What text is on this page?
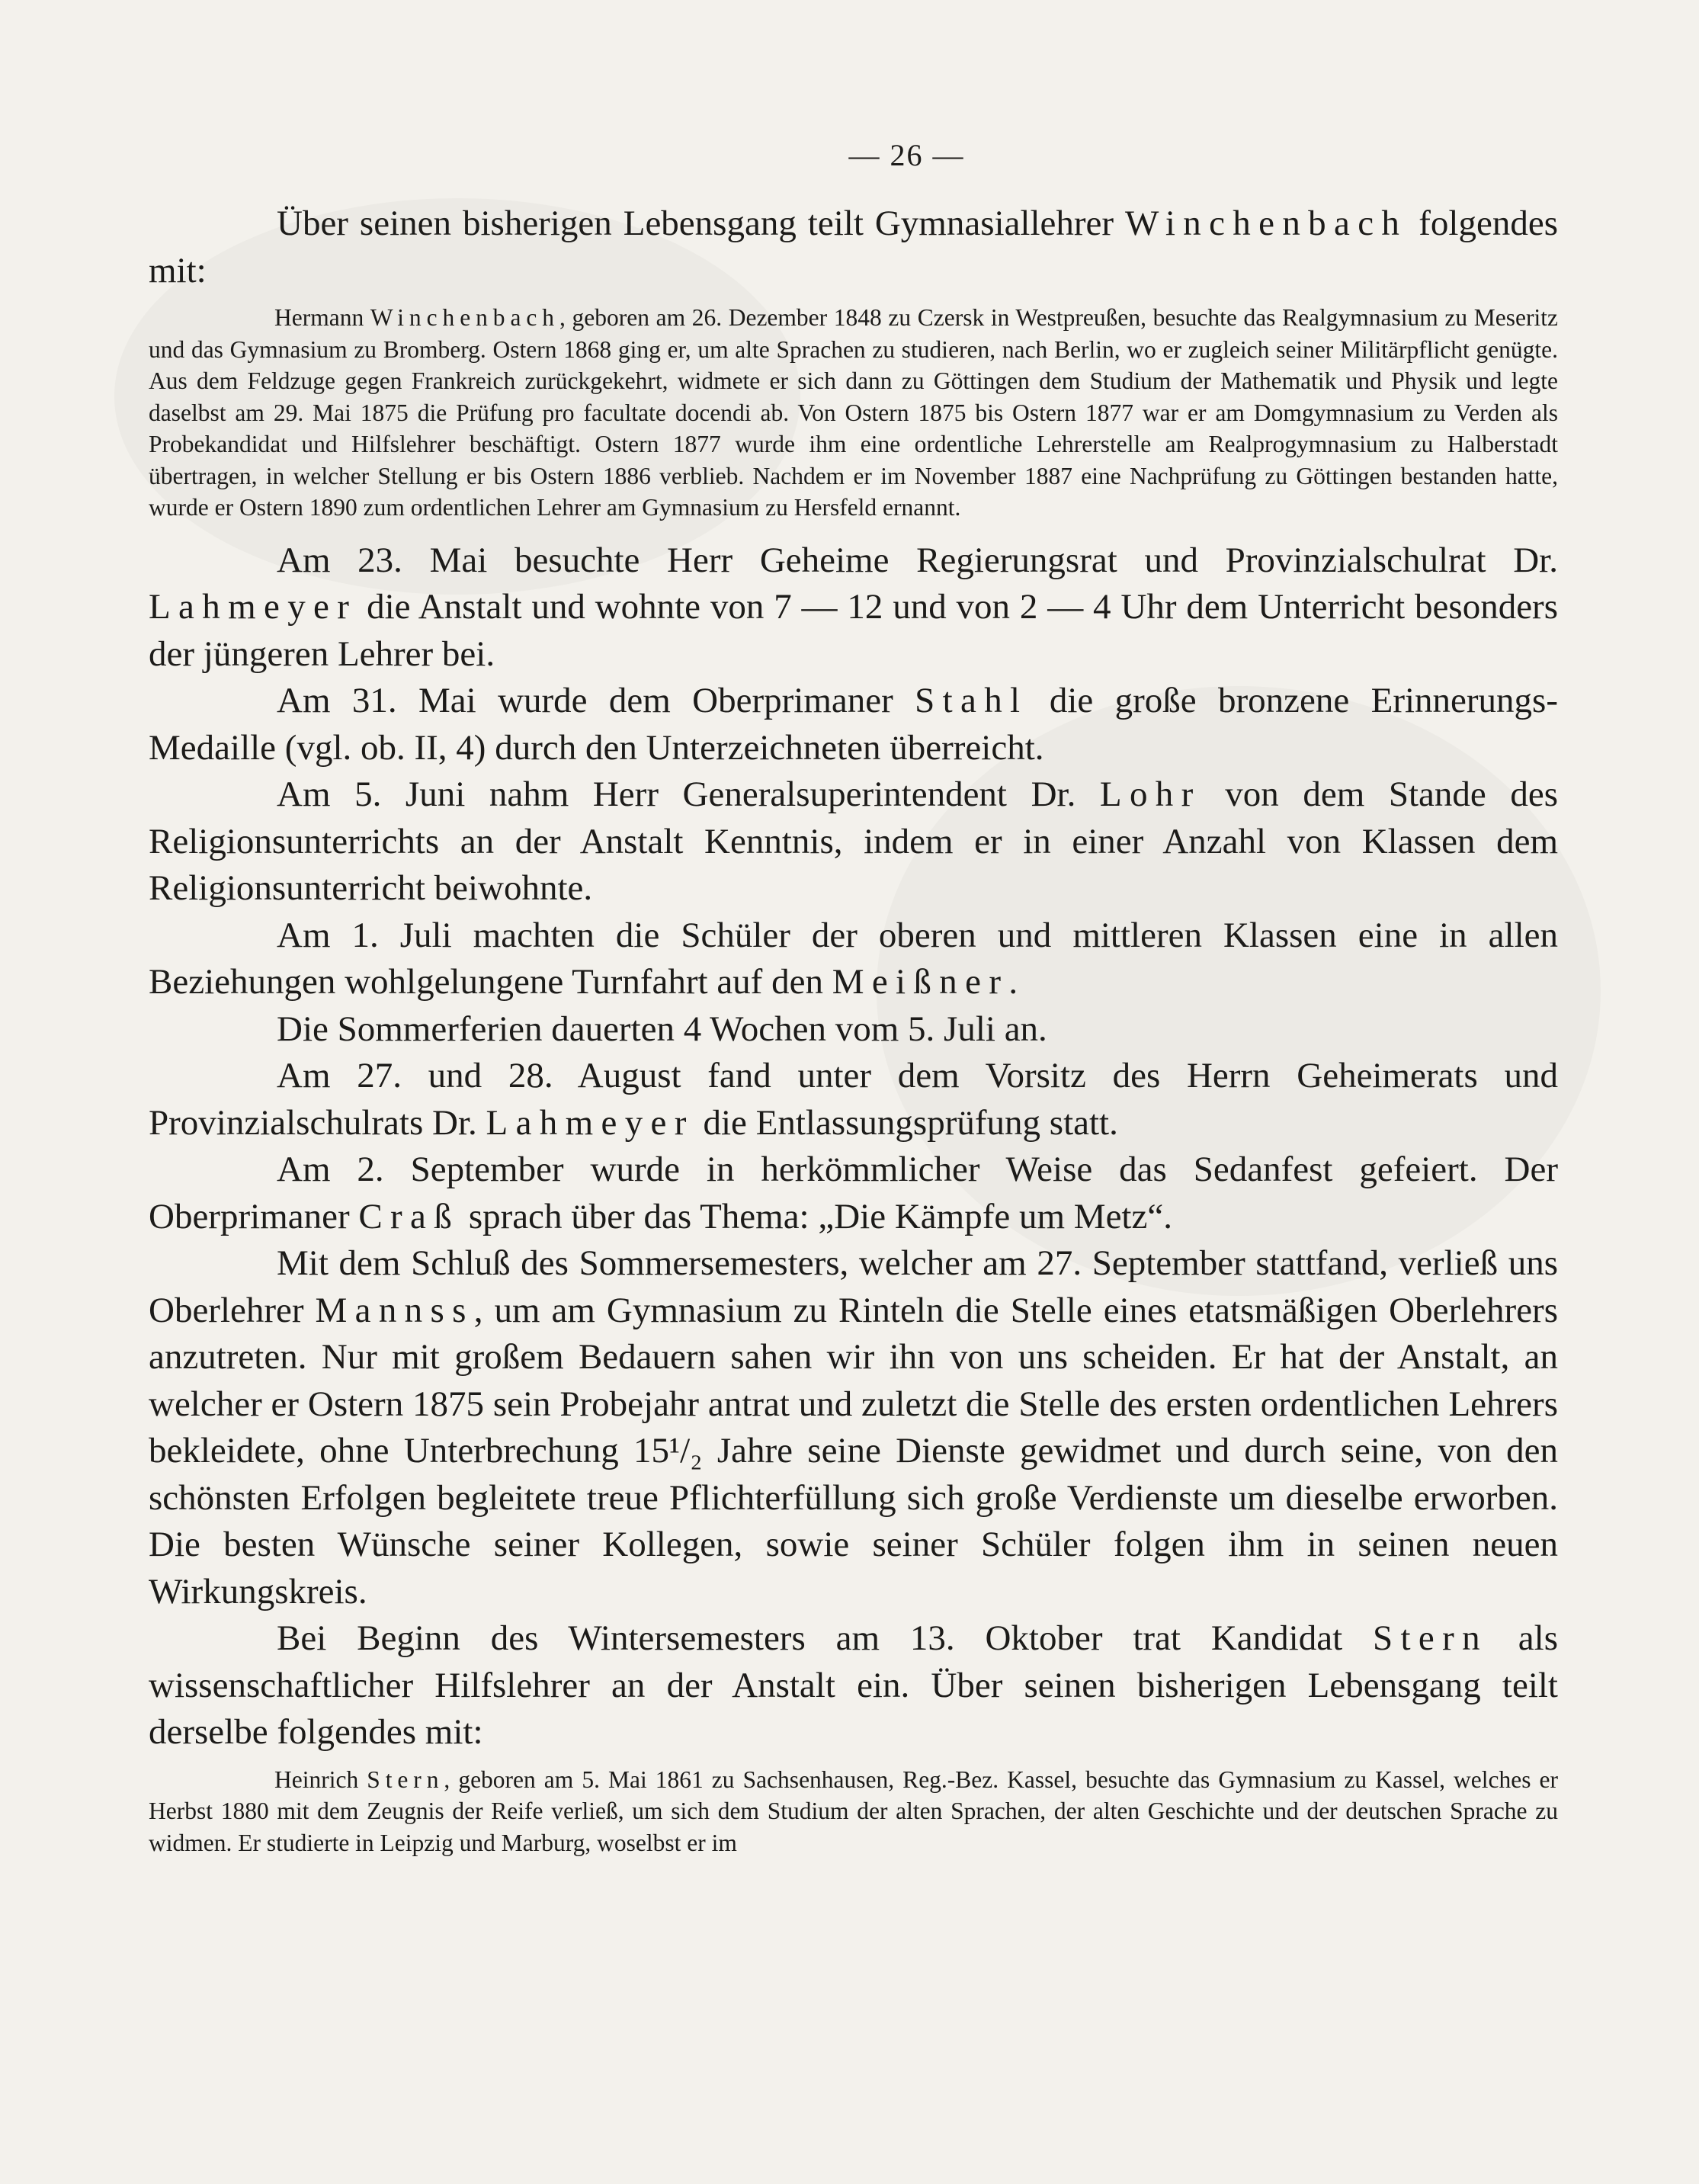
— 26 —

Über seinen bisherigen Lebensgang teilt Gymnasiallehrer Winchenbach folgendes mit:

Hermann Winchenbach, geboren am 26. Dezember 1848 zu Czersk in Westpreußen, besuchte das Realgymnasium zu Meseritz und das Gymnasium zu Bromberg. Ostern 1868 ging er, um alte Sprachen zu studieren, nach Berlin, wo er zugleich seiner Militärpflicht genügte. Aus dem Feldzuge gegen Frankreich zurückgekehrt, widmete er sich dann zu Göttingen dem Studium der Mathematik und Physik und legte daselbst am 29. Mai 1875 die Prüfung pro facultate docendi ab. Von Ostern 1875 bis Ostern 1877 war er am Domgymnasium zu Verden als Probekandidat und Hilfslehrer beschäftigt. Ostern 1877 wurde ihm eine ordentliche Lehrerstelle am Realprogymnasium zu Halberstadt übertragen, in welcher Stellung er bis Ostern 1886 verblieb. Nachdem er im November 1887 eine Nachprüfung zu Göttingen bestanden hatte, wurde er Ostern 1890 zum ordentlichen Lehrer am Gymnasium zu Hersfeld ernannt.

Am 23. Mai besuchte Herr Geheime Regierungsrat und Provinzialschulrat Dr. Lahmeyer die Anstalt und wohnte von 7 — 12 und von 2 — 4 Uhr dem Unterricht besonders der jüngeren Lehrer bei.

Am 31. Mai wurde dem Oberprimaner Stahl die große bronzene Erinnerungs-Medaille (vgl. ob. II, 4) durch den Unterzeichneten überreicht.

Am 5. Juni nahm Herr Generalsuperintendent Dr. Lohr von dem Stande des Religionsunterrichts an der Anstalt Kenntnis, indem er in einer Anzahl von Klassen dem Religionsunterricht beiwohnte.

Am 1. Juli machten die Schüler der oberen und mittleren Klassen eine in allen Beziehungen wohlgelungene Turnfahrt auf den Meißner.

Die Sommerferien dauerten 4 Wochen vom 5. Juli an.

Am 27. und 28. August fand unter dem Vorsitz des Herrn Geheimerats und Provinzialschulrats Dr. Lahmeyer die Entlassungsprüfung statt.

Am 2. September wurde in herkömmlicher Weise das Sedanfest gefeiert. Der Oberprimaner Craß sprach über das Thema: „Die Kämpfe um Metz“.

Mit dem Schluß des Sommersemesters, welcher am 27. September stattfand, verließ uns Oberlehrer Mannss, um am Gymnasium zu Rinteln die Stelle eines etatsmäßigen Oberlehrers anzutreten. Nur mit großem Bedauern sahen wir ihn von uns scheiden. Er hat der Anstalt, an welcher er Ostern 1875 sein Probejahr antrat und zuletzt die Stelle des ersten ordentlichen Lehrers bekleidete, ohne Unterbrechung 15¹/₂ Jahre seine Dienste gewidmet und durch seine, von den schönsten Erfolgen begleitete treue Pflichterfüllung sich große Verdienste um dieselbe erworben. Die besten Wünsche seiner Kollegen, sowie seiner Schüler folgen ihm in seinen neuen Wirkungskreis.

Bei Beginn des Wintersemesters am 13. Oktober trat Kandidat Stern als wissenschaftlicher Hilfslehrer an der Anstalt ein. Über seinen bisherigen Lebensgang teilt derselbe folgendes mit:

Heinrich Stern, geboren am 5. Mai 1861 zu Sachsenhausen, Reg.-Bez. Kassel, besuchte das Gymnasium zu Kassel, welches er Herbst 1880 mit dem Zeugnis der Reife verließ, um sich dem Studium der alten Sprachen, der alten Geschichte und der deutschen Sprache zu widmen. Er studierte in Leipzig und Marburg, woselbst er im
